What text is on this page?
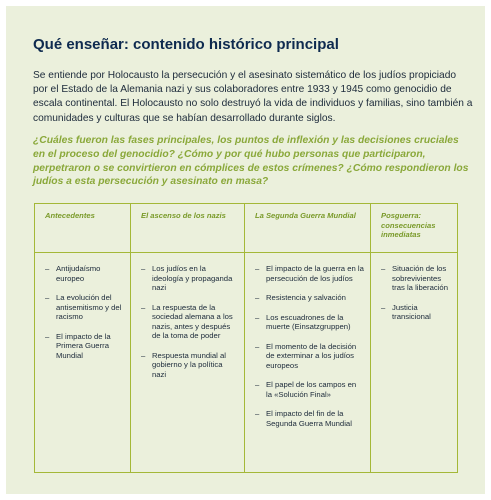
Qué enseñar: contenido histórico principal

Se entiende por Holocausto la persecución y el asesinato sistemático de los judíos propiciado por el Estado de la Alemania nazi y sus colaboradores entre 1933 y 1945 como genocidio de escala continental. El Holocausto no solo destruyó la vida de individuos y familias, sino también a comunidades y culturas que se habían desarrollado durante siglos.

¿Cuáles fueron las fases principales, los puntos de inflexión y las decisiones cruciales en el proceso del genocidio? ¿Cómo y por qué hubo personas que participaron, perpetraron o se convirtieron en cómplices de estos crímenes? ¿Cómo respondieron los judíos a esta persecución y asesinato en masa?

Antecedentes
– Antijudaísmo europeo
– La evolución del antisemitismo y del racismo
– El impacto de la Primera Guerra Mundial
El ascenso de los nazis
– Los judíos en la ideología y propaganda nazi
– La respuesta de la sociedad alemana a los nazis, antes y después de la toma de poder
– Respuesta mundial al gobierno y la política nazi
La Segunda Guerra Mundial
– El impacto de la guerra en la persecución de los judíos
– Resistencia y salvación
– Los escuadrones de la muerte (Einsatzgruppen)
– El momento de la decisión de exterminar a los judíos europeos
– El papel de los campos en la «Solución Final»
– El impacto del fin de la Segunda Guerra Mundial
Posguerra: consecuencias inmediatas
– Situación de los sobrevivientes tras la liberación
– Justicia transicional
